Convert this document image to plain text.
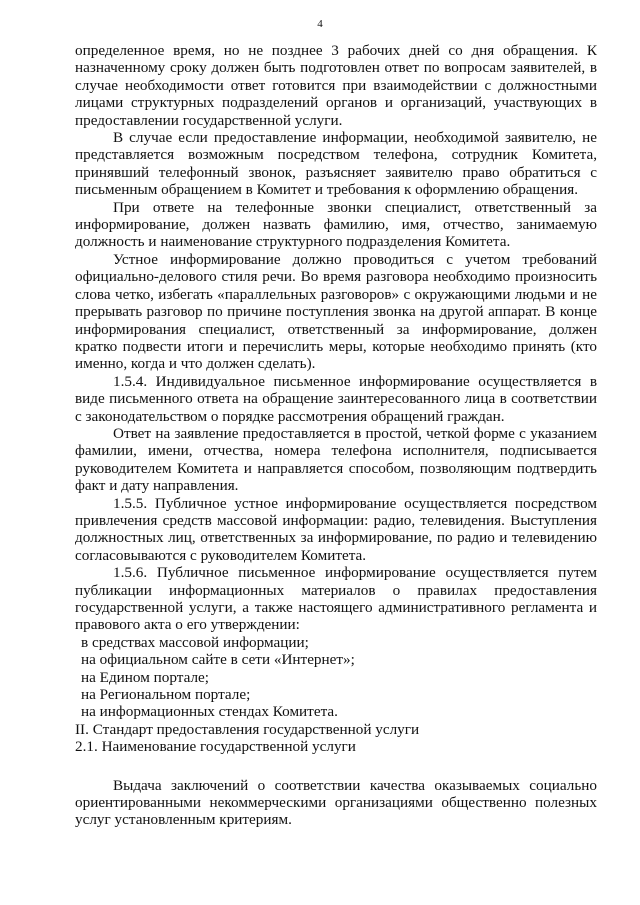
4

определенное время, но не позднее 3 рабочих дней со дня обращения. К назначенному сроку должен быть подготовлен ответ по вопросам заявителей, в случае необходимости ответ готовится при взаимодействии с должностными лицами структурных подразделений органов и организаций, участвующих в предоставлении государственной услуги.

В случае если предоставление информации, необходимой заявителю, не представляется возможным посредством телефона, сотрудник Комитета, принявший телефонный звонок, разъясняет заявителю право обратиться с письменным обращением в Комитет и требования к оформлению обращения.

При ответе на телефонные звонки специалист, ответственный за информирование, должен назвать фамилию, имя, отчество, занимаемую должность и наименование структурного подразделения Комитета.

Устное информирование должно проводиться с учетом требований официально-делового стиля речи. Во время разговора необходимо произносить слова четко, избегать «параллельных разговоров» с окружающими людьми и не прерывать разговор по причине поступления звонка на другой аппарат. В конце информирования специалист, ответственный за информирование, должен кратко подвести итоги и перечислить меры, которые необходимо принять (кто именно, когда и что должен сделать).

1.5.4. Индивидуальное письменное информирование осуществляется в виде письменного ответа на обращение заинтересованного лица в соответствии с законодательством о порядке рассмотрения обращений граждан.

Ответ на заявление предоставляется в простой, четкой форме с указанием фамилии, имени, отчества, номера телефона исполнителя, подписывается руководителем Комитета и направляется способом, позволяющим подтвердить факт и дату направления.

1.5.5. Публичное устное информирование осуществляется посредством привлечения средств массовой информации: радио, телевидения. Выступления должностных лиц, ответственных за информирование, по радио и телевидению согласовываются с руководителем Комитета.

1.5.6. Публичное письменное информирование осуществляется путем публикации информационных материалов о правилах предоставления государственной услуги, а также настоящего административного регламента и правового акта о его утверждении:

в средствах массовой информации;
на официальном сайте в сети «Интернет»;
на Едином портале;
на Региональном портале;
на информационных стендах Комитета.

II. Стандарт предоставления государственной услуги

2.1. Наименование государственной услуги

Выдача заключений о соответствии качества оказываемых социально ориентированными некоммерческими организациями общественно полезных услуг установленным критериям.
